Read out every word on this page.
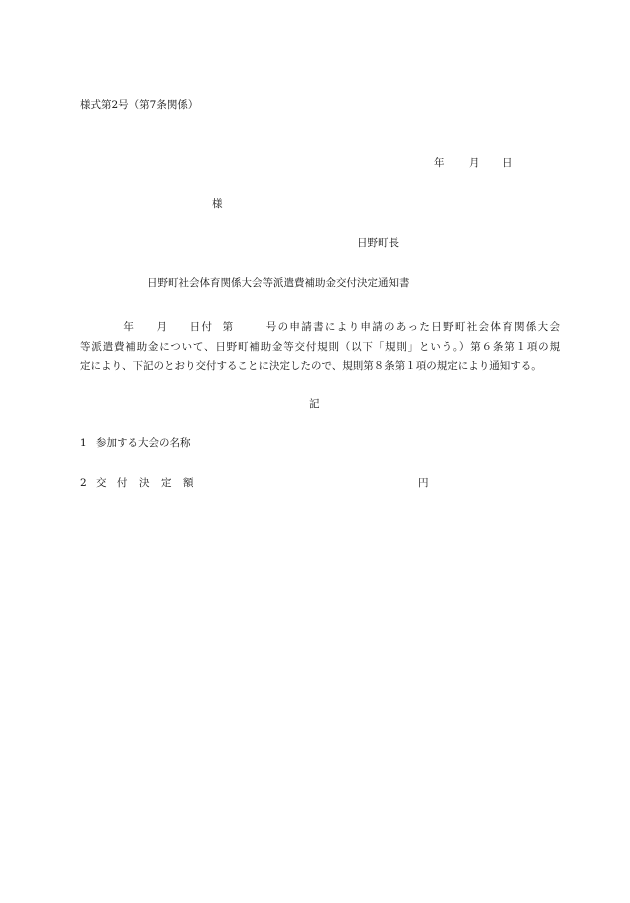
様式第2号（第7条関係）
年 月 日
様
日野町長
日野町社会体育関係大会等派遣費補助金交付決定通知書
年 月 日付 第	号の申請書により申請のあった日野町社会体育関係大会
等派遣費補助金について、日野町補助金等交付規則（以下「規則」という。）第６条第１項の規
定により、下記のとおり交付することに決定したので、規則第８条第１項の規定により通知する。
記
1 参加する大会の名称
2 交 付 決 定 額	円
